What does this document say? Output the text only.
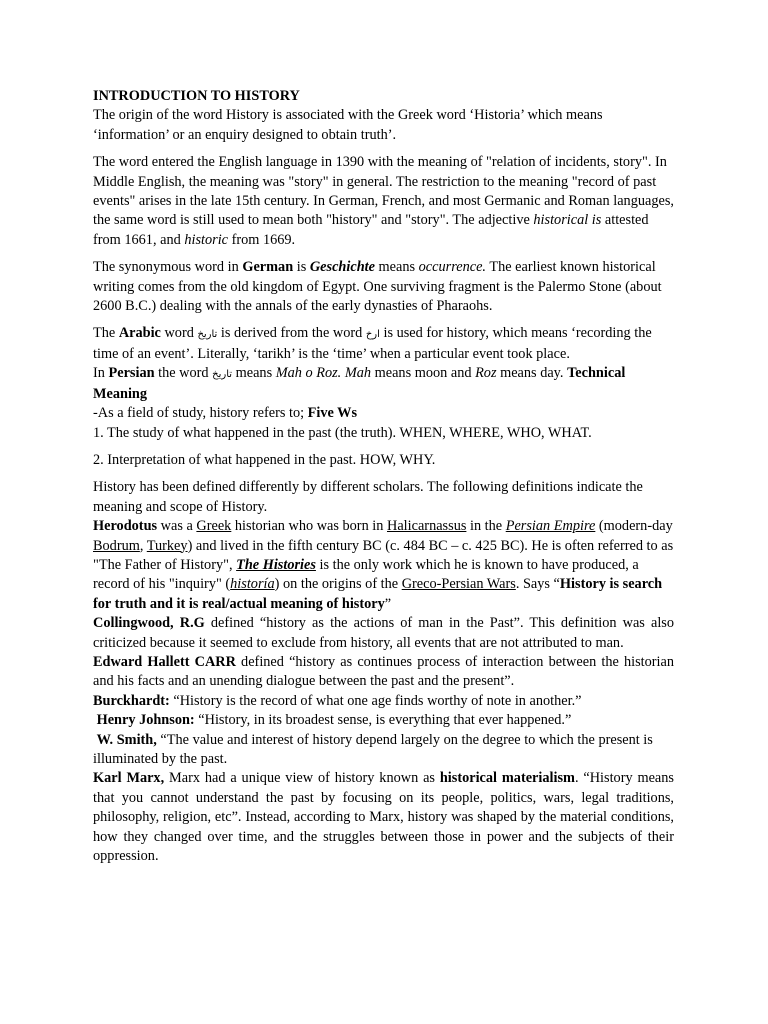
INTRODUCTION TO HISTORY

The origin of the word History is associated with the Greek word ‘Historia’ which means ‘information’ or an enquiry designed to obtain truth’.

The word entered the English language in 1390 with the meaning of "relation of incidents, story". In Middle English, the meaning was "story" in general. The restriction to the meaning "record of past events" arises in the late 15th century. In German, French, and most Germanic and Roman languages, the same word is still used to mean both "history" and "story". The adjective historical is attested from 1661, and historic from 1669.

The synonymous word in German is Geschichte means occurrence. The earliest known historical writing comes from the old kingdom of Egypt. One surviving fragment is the Palermo Stone (about 2600 B.C.) dealing with the annals of the early dynasties of Pharaohs.

The Arabic word تاريخ is derived from the word ارخ is used for history, which means ‘recording the time of an event’. Literally, ‘tarikh’ is the ‘time’ when a particular event took place.

In Persian the word تاريخ means Mah o Roz. Mah means moon and Roz means day. Technical Meaning

-As a field of study, history refers to; Five Ws

1. The study of what happened in the past (the truth). WHEN, WHERE, WHO, WHAT.

2. Interpretation of what happened in the past. HOW, WHY.

History has been defined differently by different scholars. The following definitions indicate the meaning and scope of History.

Herodotus was a Greek historian who was born in Halicarnassus in the Persian Empire (modern-day Bodrum, Turkey) and lived in the fifth century BC (c. 484 BC – c. 425 BC). He is often referred to as "The Father of History", The Histories is the only work which he is known to have produced, a record of his "inquiry" (historía) on the origins of the Greco-Persian Wars. Says “History is search for truth and it is real/actual meaning of history”

Collingwood, R.G defined “history as the actions of man in the Past”. This definition was also criticized because it seemed to exclude from history, all events that are not attributed to man.

Edward Hallett CARR defined “history as continues process of interaction between the historian and his facts and an unending dialogue between the past and the present”.

Burckhardt: “History is the record of what one age finds worthy of note in another.”

Henry Johnson: “History, in its broadest sense, is everything that ever happened.”

W. Smith, “The value and interest of history depend largely on the degree to which the present is illuminated by the past.

Karl Marx, Marx had a unique view of history known as historical materialism. “History means that you cannot understand the past by focusing on its people, politics, wars, legal traditions, philosophy, religion, etc”. Instead, according to Marx, history was shaped by the material conditions, how they changed over time, and the struggles between those in power and the subjects of their oppression.
